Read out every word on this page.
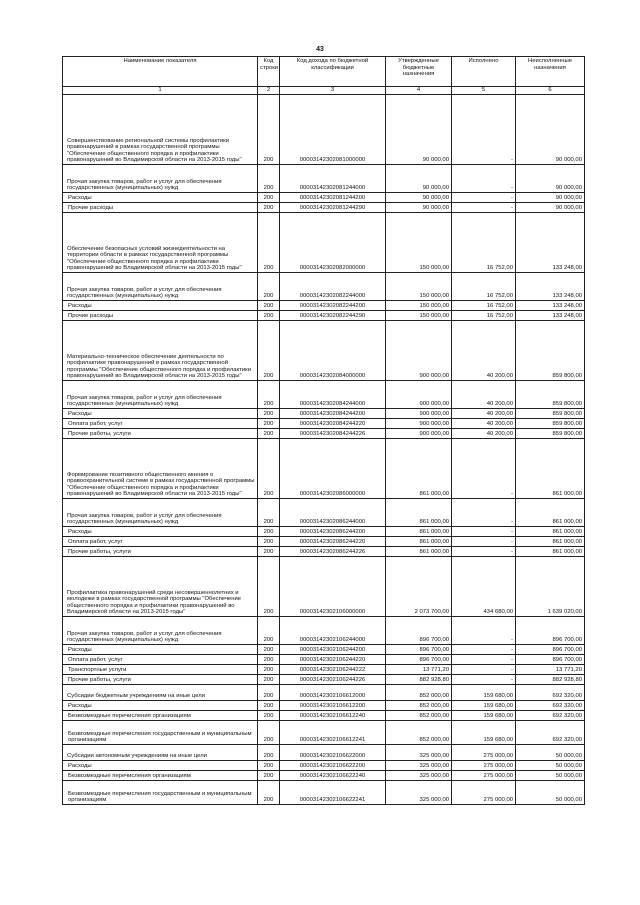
43
Наименование показателя	Код строки	Код дохода по бюджетной классификации	Утвержденные бюджетные назначения	Исполнено	Неисполненные назначения
1	2	3	4	5	6
Совершенствование региональной системы профилактики правонарушений в рамках государственной программы "Обеспечение общественного порядка и профилактики правонарушений во Владимирской области на 2013-2015 годы"	200	00003142302081000000	90 000,00	-	90 000,00
Прочая закупка товаров, работ и услуг для обеспечения государственных (муниципальных) нужд	200	00003142302081244000	90 000,00	-	90 000,00
Расходы	200	00003142302081244200	90 000,00	-	90 000,00
Прочие расходы	200	00003142302081244290	90 000,00	-	90 000,00
Обеспечение безопасных условий жизнедеятельности на территории области в рамках государственной программы "Обеспечение общественного порядка и профилактики правонарушений во Владимирской области на 2013-2015 годы"	200	00003142302082000000	150 000,00	16 752,00	133 248,00
Прочая закупка товаров, работ и услуг для обеспечения государственных (муниципальных) нужд	200	00003142302082244000	150 000,00	16 752,00	133 248,00
Расходы	200	00003142302082244200	150 000,00	16 752,00	133 248,00
Прочие расходы	200	00003142302082244290	150 000,00	16 752,00	133 248,00
Материально-техническое обеспечение деятельности по профилактике правонарушений в рамках государственной программы "Обеспечение общественного порядка и профилактики правонарушений во Владимирской области на 2013-2015 годы"	200	00003142302084000000	900 000,00	40 200,00	859 800,00
Прочая закупка товаров, работ и услуг для обеспечения государственных (муниципальных) нужд	200	00003142302084244000	900 000,00	40 200,00	859 800,00
Расходы	200	00003142302084244200	900 000,00	40 200,00	859 800,00
Оплата работ, услуг	200	00003142302084244220	900 000,00	40 200,00	859 800,00
Прочие работы, услуги	200	00003142302084244226	900 000,00	40 200,00	859 800,00
Формирование позитивного общественного мнения о правоохранительной системе в рамках государственной программы "Обеспечение общественного порядка и профилактики правонарушений во Владимирской области на 2013-2015 годы"	200	00003142302086000000	861 000,00	-	861 000,00
Прочая закупка товаров, работ и услуг для обеспечения государственных (муниципальных) нужд	200	00003142302086244000	861 000,00	-	861 000,00
Расходы	200	00003142302086244200	861 000,00	-	861 000,00
Оплата работ, услуг	200	00003142302086244220	861 000,00	-	861 000,00
Прочие работы, услуги	200	00003142302086244226	861 000,00	-	861 000,00
Профилактика правонарушений среди несовершеннолетних и молодежи в рамках государственной программы "Обеспечение общественного порядка и профилактики правонарушений во Владимирской области на 2013-2015 годы"	200	00003142302106000000	2 073 700,00	434 680,00	1 639 020,00
Прочая закупка товаров, работ и услуг для обеспечения государственных (муниципальных) нужд	200	00003142302106244000	896 700,00	-	896 700,00
Расходы	200	00003142302106244200	896 700,00	-	896 700,00
Оплата работ, услуг	200	00003142302106244220	896 700,00	-	896 700,00
Транспортные услуги	200	00003142302106244222	13 771,20	-	13 771,20
Прочие работы, услуги	200	00003142302106244226	882 928,80	-	882 928,80
Субсидии бюджетным учреждениям на иные цели	200	00003142302106612000	852 000,00	159 680,00	692 320,00
Расходы	200	00003142302106612200	852 000,00	159 680,00	692 320,00
Безвозмездные перечисления организациям	200	00003142302106612240	852 000,00	159 680,00	692 320,00
Безвозмездные перечисления государственным и муниципальным организациям	200	00003142302106612241	852 000,00	159 680,00	692 320,00
Субсидии автономным учреждениям на иные цели	200	00003142302106622000	325 000,00	275 000,00	50 000,00
Расходы	200	00003142302106622200	325 000,00	275 000,00	50 000,00
Безвозмездные перечисления организациям	200	00003142302106622240	325 000,00	275 000,00	50 000,00
Безвозмездные перечисления государственным и муниципальным организациям	200	00003142302106622241	325 000,00	275 000,00	50 000,00
